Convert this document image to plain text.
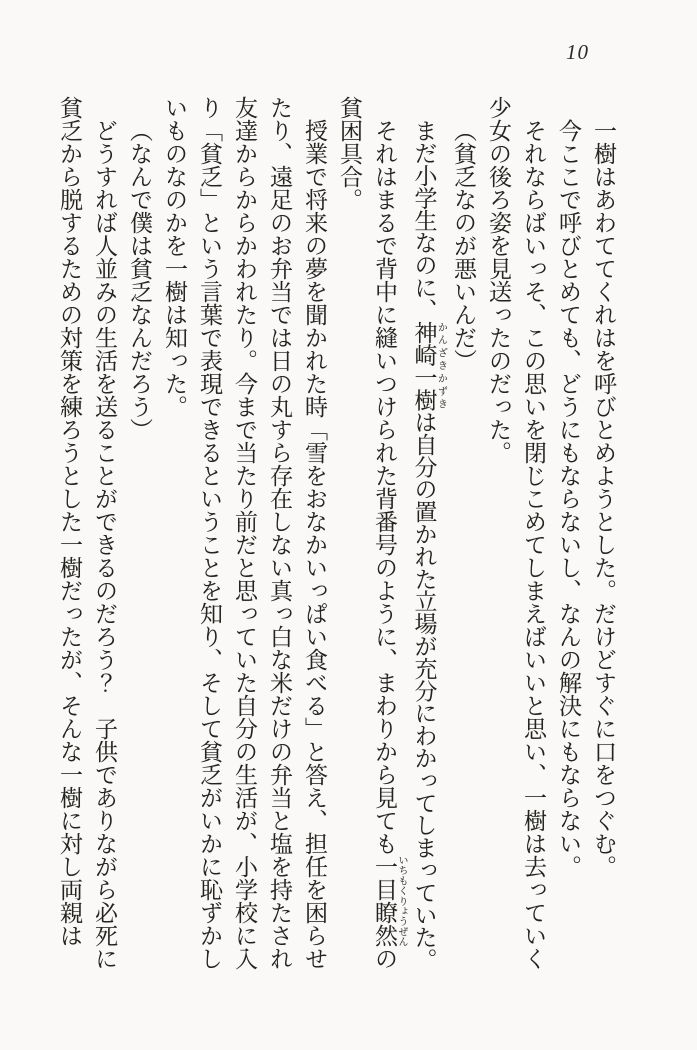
10

一樹はあわててくれはを呼びとめようとした。だけどすぐに口をつぐむ。

今ここで呼びとめても、どうにもならないし、なんの解決にもならない。

それならばいっそ、この思いを閉じこめてしまえばいいと思い、一樹は去っていく少女の後ろ姿を見送ったのだった。

（貧乏なのが悪いんだ）

まだ小学生なのに、神崎一樹 かんざきかずきは自分の置かれた立場が充分にわかってしまっていた。

それはまるで背中に縫いつけられた背番号のように、まわりから見ても一目瞭然 いちもくりょうぜんの貧困具合。

授業で将来の夢を聞かれた時「雪をおなかいっぱい食べる」と答え、担任を困らせたり、遠足のお弁当では日の丸すら存在しない真っ白な米だけの弁当と塩を持たされ友達からからかわれたり。今まで当たり前だと思っていた自分の生活が、小学校に入り「貧乏」という言葉で表現できるということを知り、そして貧乏がいかに恥ずかしいものなのかを一樹は知った。

（なんで僕は貧乏なんだろう）

どうすれば人並みの生活を送ることができるのだろう？　子供でありながら必死に貧乏から脱するための対策を練ろうとした一樹だったが、そんな一樹に対し両親は
